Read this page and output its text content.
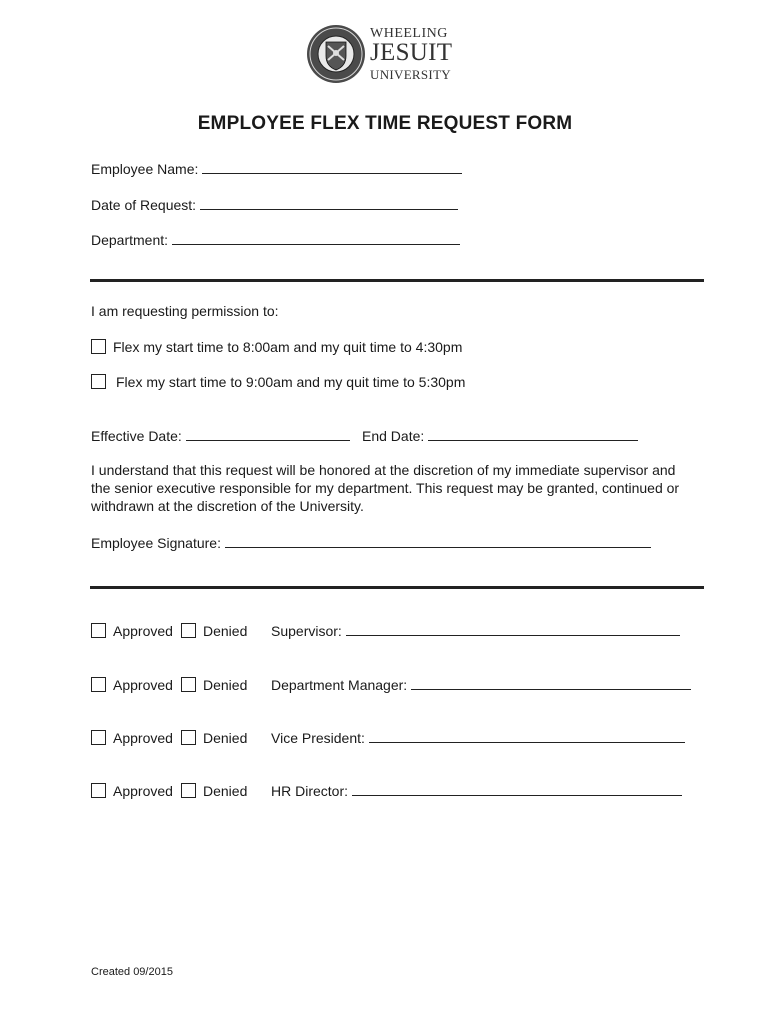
WHEELING
JESUIT
UNIVERSITY
EMPLOYEE FLEX TIME REQUEST FORM
Employee Name:
Date of Request:
Department:
I am requesting permission to:
Flex my start time to 8:00am and my quit time to 4:30pm
Flex my start time to 9:00am and my quit time to 5:30pm
Effective Date:	End Date:
I understand that this request will be honored at the discretion of my immediate supervisor and the senior executive responsible for my department. This request may be granted, continued or withdrawn at the discretion of the University.
Employee Signature:
Approved	Denied Supervisor:
Approved	Denied Department Manager:
Approved	Denied Vice President:
Approved	Denied HR Director:
Created 09/2015
